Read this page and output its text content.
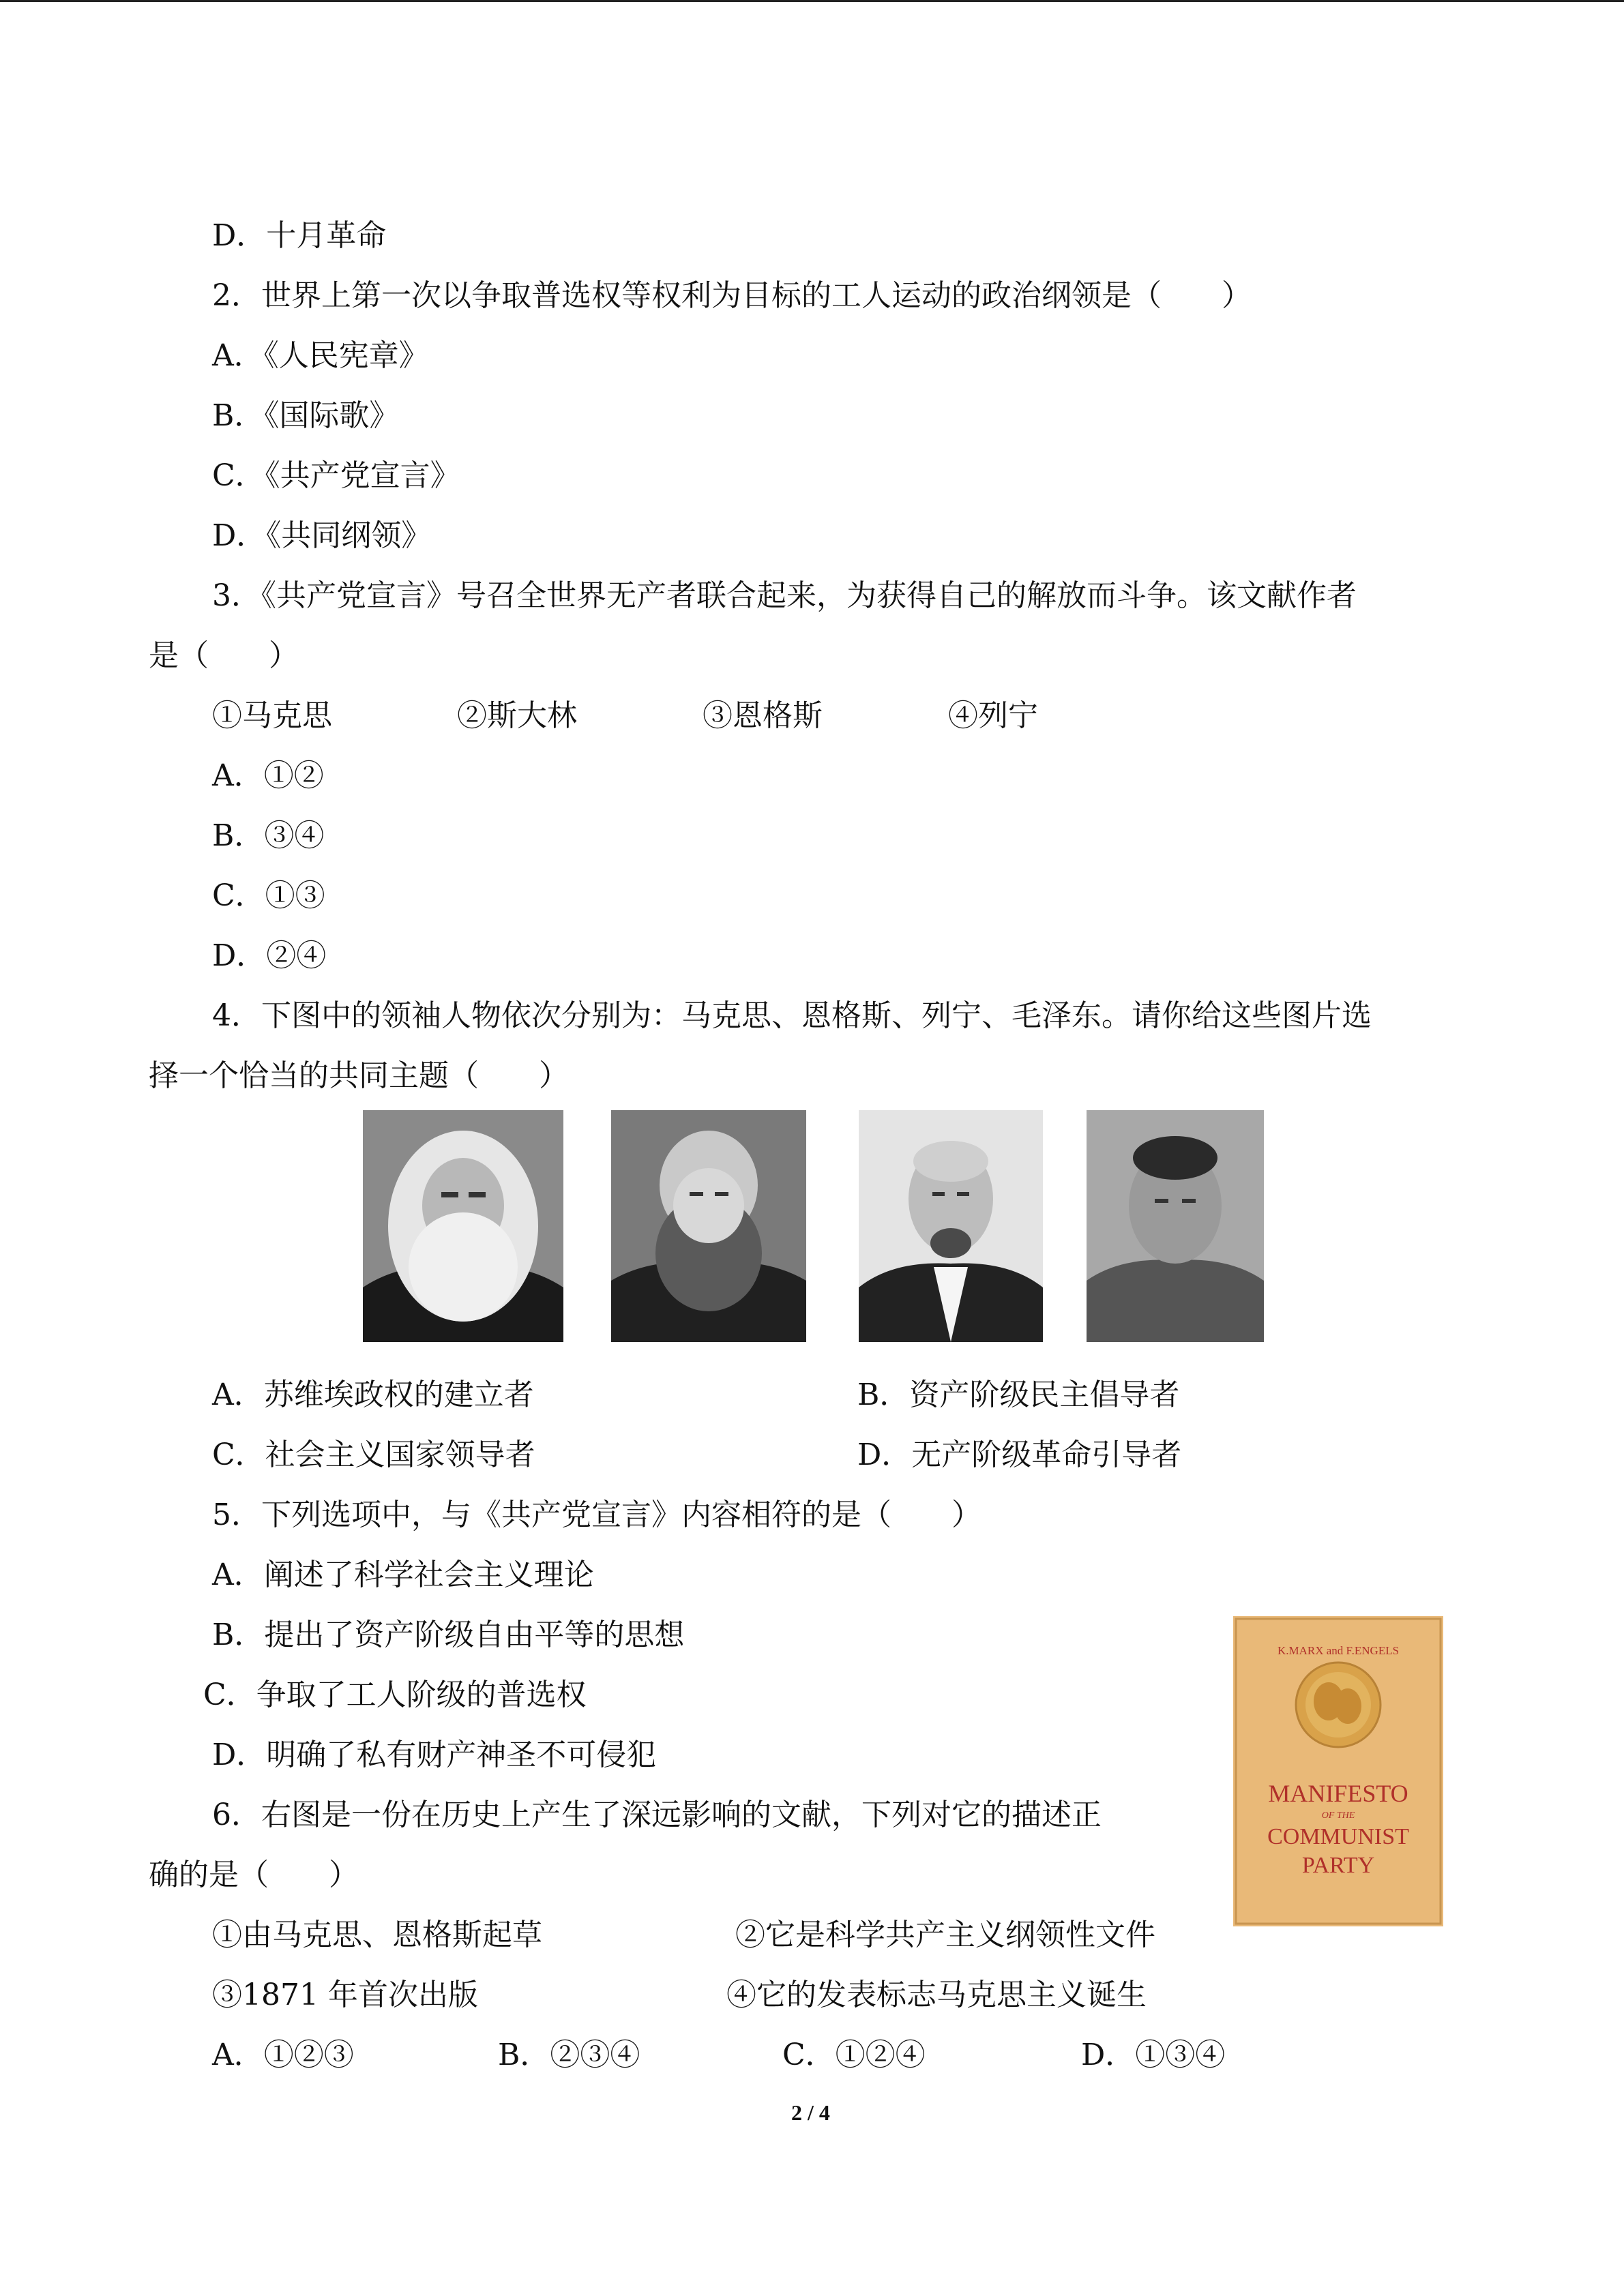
D．十月革命
2．世界上第一次以争取普选权等权利为目标的工人运动的政治纲领是（　　）
A．《人民宪章》
B．《国际歌》
C．《共产党宣言》
D．《共同纲领》
3．《共产党宣言》号召全世界无产者联合起来，为获得自己的解放而斗争。该文献作者
是（　　）
①马克思	②斯大林	③恩格斯	④列宁
A．①②
B．③④
C．①③
D．②④
4．下图中的领袖人物依次分别为：马克思、恩格斯、列宁、毛泽东。请你给这些图片选
择一个恰当的共同主题（　　）
A．苏维埃政权的建立者	B．资产阶级民主倡导者
C．社会主义国家领导者	D．无产阶级革命引导者
5．下列选项中，与《共产党宣言》内容相符的是（　　）
A．阐述了科学社会主义理论
B．提出了资产阶级自由平等的思想
C．争取了工人阶级的普选权
D．明确了私有财产神圣不可侵犯
K.MARX and F.ENGELS
MANIFESTO
OF THE
COMMUNIST
PARTY
6．右图是一份在历史上产生了深远影响的文献，下列对它的描述正
确的是（　　）
①由马克思、恩格斯起草	②它是科学共产主义纲领性文件
③1871 年首次出版	④它的发表标志马克思主义诞生
A．①②③	B．②③④	C．①②④	D．①③④
2 / 4
